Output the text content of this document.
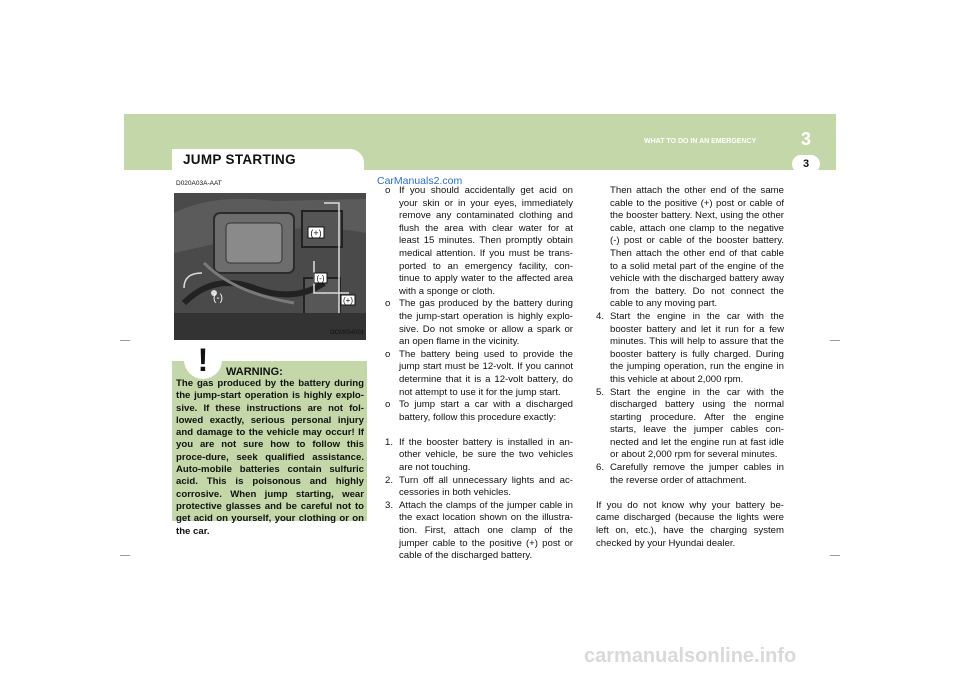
JUMP STARTING
WHAT TO DO IN AN EMERGENCY	3
3
CarManuals2.com
D020A03A-AAT
(+)
(-)
(+)
(-)
OCM054001
!	WARNING:
The gas produced by the battery during the jump-start operation is highly explo-sive. If these instructions are not fol-lowed exactly, serious personal injury and damage to the vehicle may occur! If you are not sure how to follow this proce-dure, seek qualified assistance. Auto-mobile batteries contain sulfuric acid. This is poisonous and highly corrosive. When jump starting, wear protective glasses and be careful not to get acid on yourself, your clothing or on the car.
o If you should accidentally get acid on your skin or in your eyes, immediately remove any contaminated clothing and flush the area with clear water for at least 15 minutes. Then promptly obtain medical attention. If you must be trans-ported to an emergency facility, con-tinue to apply water to the affected area with a sponge or cloth.

o The gas produced by the battery during the jump-start operation is highly explo-sive. Do not smoke or allow a spark or an open flame in the vicinity.

o The battery being used to provide the jump start must be 12-volt. If you cannot determine that it is a 12-volt battery, do not attempt to use it for the jump start.

o To jump start a car with a discharged battery, follow this procedure exactly:

1. If the booster battery is installed in an-other vehicle, be sure the two vehicles are not touching.

2. Turn off all unnecessary lights and ac-cessories in both vehicles.

3. Attach the clamps of the jumper cable in the exact location shown on the illustra-tion. First, attach one clamp of the jumper cable to the positive (+) post or cable of the discharged battery.

Then attach the other end of the same cable to the positive (+) post or cable of the booster battery. Next, using the other cable, attach one clamp to the negative (-) post or cable of the booster battery. Then attach the other end of that cable to a solid metal part of the engine of the vehicle with the discharged battery away from the battery. Do not connect the cable to any moving part.

4. Start the engine in the car with the booster battery and let it run for a few minutes. This will help to assure that the booster battery is fully charged. During the jumping operation, run the engine in this vehicle at about 2,000 rpm.

5. Start the engine in the car with the discharged battery using the normal starting procedure. After the engine starts, leave the jumper cables con-nected and let the engine run at fast idle or about 2,000 rpm for several minutes.

6. Carefully remove the jumper cables in the reverse order of attachment.

If you do not know why your battery be-came discharged (because the lights were left on, etc.), have the charging system checked by your Hyundai dealer.

carmanualsonline.info
